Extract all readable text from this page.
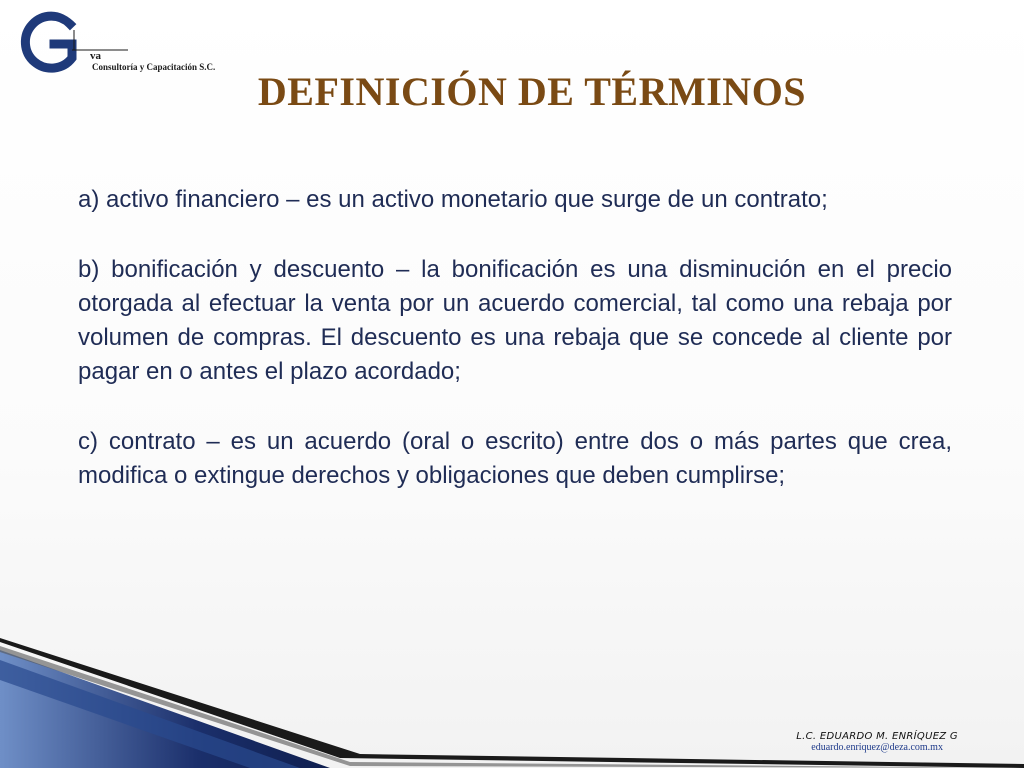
va
Consultoría y Capacitación S.C.
DEFINICIÓN DE TÉRMINOS

a) activo financiero – es un activo monetario que surge de un contrato;

b) bonificación y descuento – la bonificación es una disminución en el precio otorgada al efectuar la venta por un acuerdo comercial, tal como una rebaja por volumen de compras. El descuento es una rebaja que se concede al cliente por pagar en o antes el plazo acordado;

c) contrato – es un acuerdo (oral o escrito) entre dos o más partes que crea, modifica o extingue derechos y obligaciones que deben cumplirse;

L.C. EDUARDO M. ENRÍQUEZ G
eduardo.enriquez@deza.com.mx
